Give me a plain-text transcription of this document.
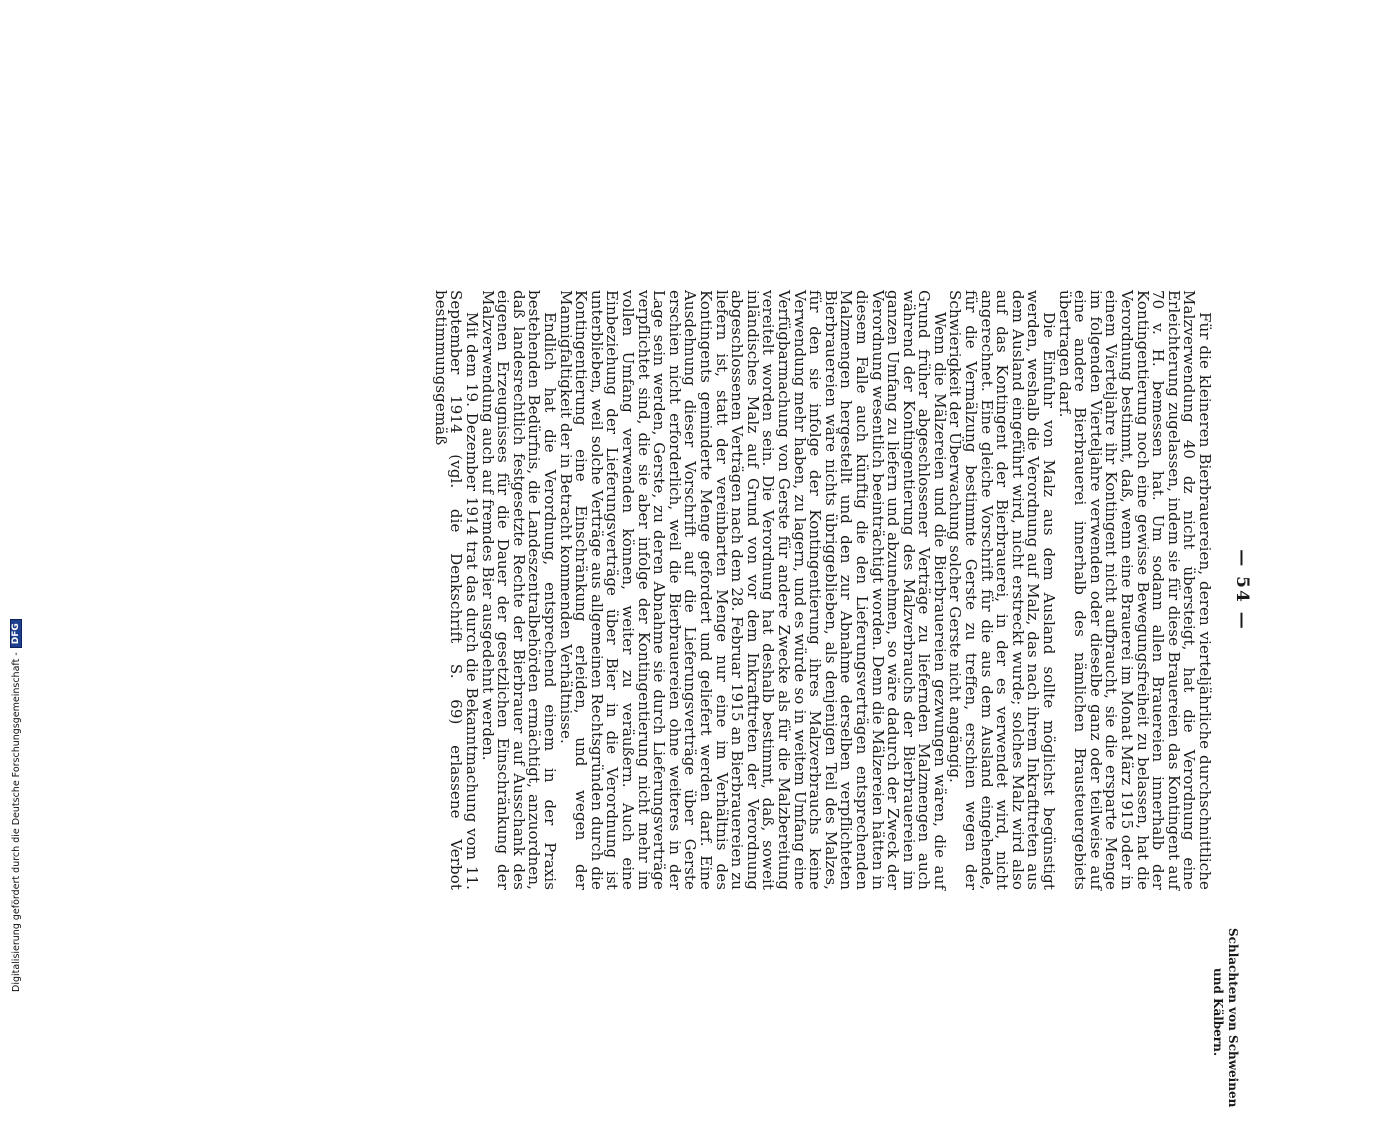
— 54 —

Für die kleineren Bierbrauereien, deren vierteljährliche durchschnittliche Malzverwendung 40 dz nicht übersteigt, hat die Verordnung eine Erleichterung zugelassen, indem sie für diese Brauereien das Kontingent auf 70 v. H. bemessen hat. Um sodann allen Brauereien innerhalb der Kontingentierung noch eine gewisse Bewegungsfreiheit zu belassen, hat die Verordnung bestimmt, daß, wenn eine Brauerei im Monat März 1915 oder in einem Vierteljahre ihr Kontingent nicht aufbraucht, sie die ersparte Menge im folgenden Vierteljahre verwenden oder dieselbe ganz oder teilweise auf eine andere Bierbrauerei innerhalb des nämlichen Brausteuergebiets übertragen darf.

Die Einfuhr von Malz aus dem Ausland sollte möglichst begünstigt werden, weshalb die Verordnung auf Malz, das nach ihrem Inkrafttreten aus dem Ausland eingeführt wird, nicht erstreckt wurde; solches Malz wird also auf das Kontingent der Bierbrauerei, in der es verwendet wird, nicht angerechnet. Eine gleiche Vorschrift für die aus dem Ausland eingehende, für die Vermälzung bestimmte Gerste zu treffen, erschien wegen der Schwierigkeit der Überwachung solcher Gerste nicht angängig.

Wenn die Mälzereien und die Bierbrauereien gezwungen wären, die auf Grund früher abgeschlossener Verträge zu liefernden Malzmengen auch während der Kontingentierung des Malzverbrauchs der Bierbrauereien im ganzen Umfang zu liefern und abzunehmen, so wäre dadurch der Zweck der Verordnung wesentlich beeinträchtigt worden. Denn die Mälzereien hätten in diesem Falle auch künftig die den Lieferungsverträgen entsprechenden Malzmengen hergestellt und den zur Abnahme derselben verpflichteten Bierbrauereien wäre nichts übriggeblieben, als denjenigen Teil des Malzes, für den sie infolge der Kontingentierung ihres Malzverbrauchs keine Verwendung mehr haben, zu lagern, und es würde so in weitem Umfang eine Verfügbarmachung von Gerste für andere Zwecke als für die Malzbereitung vereitelt worden sein. Die Verordnung hat deshalb bestimmt, daß, soweit inländisches Malz auf Grund von vor dem Inkrafttreten der Verordnung abgeschlossenen Verträgen nach dem 28. Februar 1915 an Bierbrauereien zu liefern ist, statt der vereinbarten Menge nur eine im Verhältnis des Kontingents geminderte Menge gefordert und geliefert werden darf. Eine Ausdehnung dieser Vorschrift auf die Lieferungsverträge über Gerste erschien nicht erforderlich, weil die Bierbrauereien ohne weiteres in der Lage sein werden, Gerste, zu deren Abnahme sie durch Lieferungsverträge verpflichtet sind, die sie aber infolge der Kontingentierung nicht mehr im vollen Umfang verwenden können, weiter zu veräußern. Auch eine Einbeziehung der Lieferungsverträge über Bier in die Verordnung ist unterblieben, weil solche Verträge aus allgemeinen Rechtsgründen durch die Kontingentierung eine Einschränkung erleiden, und wegen der Mannigfaltigkeit der in Betracht kommenden Verhältnisse.

Endlich hat die Verordnung, entsprechend einem in der Praxis bestehenden Bedürfnis, die Landeszentralbehörden ermächtigt, anzuordnen, daß landesrechtlich festgesetzte Rechte der Bierbrauer auf Ausschank des eigenen Erzeugnisses für die Dauer der gesetzlichen Einschränkung der Malzverwendung auch auf fremdes Bier ausgedehnt werden.

Mit dem 19. Dezember 1914 trat das durch die Bekanntmachung vom 11. September 1914 (vgl. die Denkschrift S. 69) erlassene Verbot bestimmungsgemäß

Schlachten von Schweinen
und Kälbern.
Digitalisierung gefördert durch die Deutsche Forschungsgemeinschaft -
DFG
